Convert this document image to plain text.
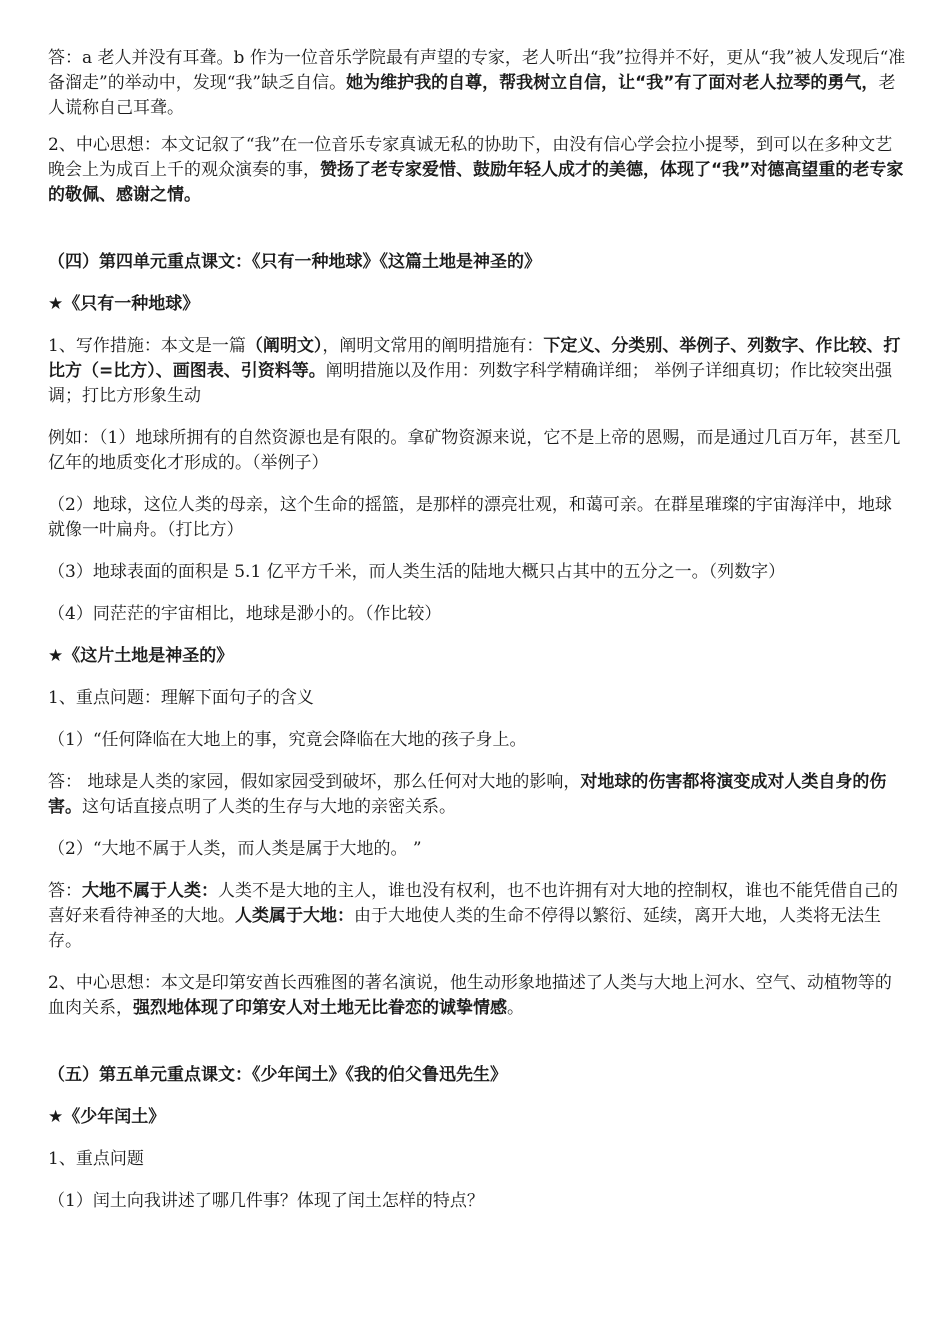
答：a 老人并没有耳聋。b 作为一位音乐学院最有声望的专家，老人听出“我”拉得并不好，更从“我”被人发现后“准备溜走”的举动中，发现“我”缺乏自信。她为维护我的自尊，帮我树立自信，让“我”有了面对老人拉琴的勇气，老人谎称自己耳聋。

2、中心思想：本文记叙了“我”在一位音乐专家真诚无私的协助下，由没有信心学会拉小提琴，到可以在多种文艺晚会上为成百上千的观众演奏的事，赞扬了老专家爱惜、鼓励年轻人成才的美德，体现了“我”对德高望重的老专家的敬佩、感谢之情。

（四）第四单元重点课文：《只有一种地球》《这篇土地是神圣的》

★《只有一种地球》

1、写作措施：本文是一篇（阐明文），阐明文常用的阐明措施有：下定义、分类别、举例子、列数字、作比较、打比方（=比方）、画图表、引资料等。阐明措施以及作用：列数字科学精确详细； 举例子详细真切；作比较突出强调；打比方形象生动

例如：（1）地球所拥有的自然资源也是有限的。拿矿物资源来说，它不是上帝的恩赐，而是通过几百万年，甚至几亿年的地质变化才形成的。（举例子）

（2）地球，这位人类的母亲，这个生命的摇篮，是那样的漂亮壮观，和蔼可亲。在群星璀璨的宇宙海洋中，地球就像一叶扁舟。（打比方）

（3）地球表面的面积是 5.1 亿平方千米，而人类生活的陆地大概只占其中的五分之一。（列数字）

（4）同茫茫的宇宙相比，地球是渺小的。（作比较）

★《这片土地是神圣的》

1、重点问题：理解下面句子的含义

（1）“任何降临在大地上的事，究竟会降临在大地的孩子身上。

答： 地球是人类的家园，假如家园受到破坏，那么任何对大地的影响，对地球的伤害都将演变成对人类自身的伤害。这句话直接点明了人类的生存与大地的亲密关系。

（2）“大地不属于人类，而人类是属于大地的。 ”

答：大地不属于人类：人类不是大地的主人，谁也没有权利，也不也许拥有对大地的控制权，谁也不能凭借自己的喜好来看待神圣的大地。人类属于大地：由于大地使人类的生命不停得以繁衍、延续，离开大地，人类将无法生存。

2、中心思想：本文是印第安酋长西雅图的著名演说，他生动形象地描述了人类与大地上河水、空气、动植物等的血肉关系，强烈地体现了印第安人对土地无比眷恋的诚挚情感。

（五）第五单元重点课文：《少年闰土》《我的伯父鲁迅先生》

★《少年闰土》

1、重点问题

（1）闰土向我讲述了哪几件事？体现了闰土怎样的特点？
